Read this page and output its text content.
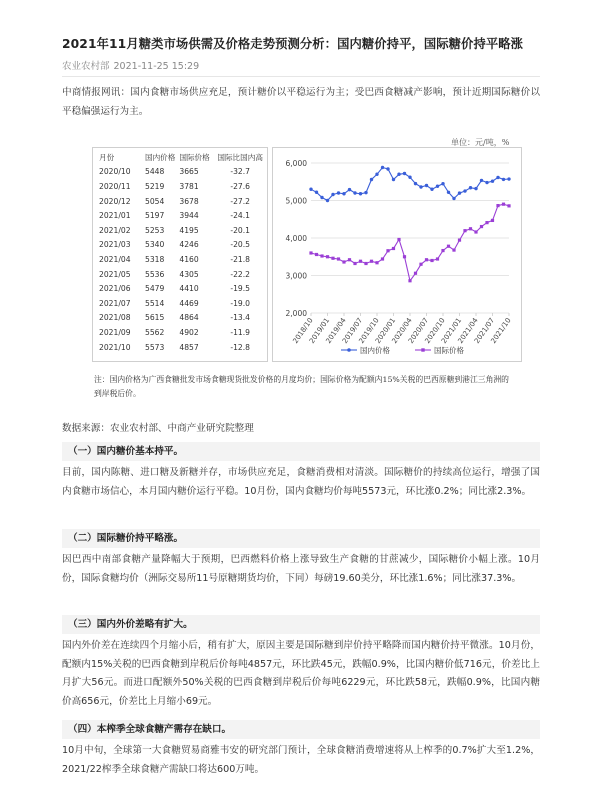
2021年11月糖类市场供需及价格走势预测分析：国内糖价持平，国际糖价持平略涨
农业农村部 2021-11-25 15:29
中商情报网讯：国内食糖市场供应充足，预计糖价以平稳运行为主；受巴西食糖减产影响，预计近期国际糖价以平稳偏强运行为主。
单位：元/吨，%
月份	国内价格	国际价格	国际比国内高
2020/10	5448	3665	-32.7
2020/11	5219	3781	-27.6
2020/12	5054	3678	-27.2
2021/01	5197	3944	-24.1
2021/02	5253	4195	-20.1
2021/03	5340	4246	-20.5
2021/04	5318	4160	-21.8
2021/05	5536	4305	-22.2
2021/06	5479	4410	-19.5
2021/07	5514	4469	-19.0
2021/08	5615	4864	-13.4
2021/09	5562	4902	-11.9
2021/10	5573	4857	-12.8
2,000
3,000
4,000
5,000
6,000
2018/10
2019/01
2019/04
2019/07
2019/10
2020/01
2020/04
2020/07
2020/10
2021/01
2021/04
2021/07
2021/10
国内价格	国际价格
注：国内价格为广西食糖批发市场食糖现货批发价格的月度均价；国际价格为配额内15%关税的巴西原糖到港江三角洲的到岸税后价。
数据来源：农业农村部、中商产业研究院整理
（一）国内糖价基本持平。
目前，国内陈糖、进口糖及新糖并存，市场供应充足，食糖消费相对清淡。国际糖价的持续高位运行，增强了国内食糖市场信心，本月国内糖价运行平稳。10月份，国内食糖均价每吨5573元，环比涨0.2%；同比涨2.3%。
（二）国际糖价持平略涨。
因巴西中南部食糖产量降幅大于预期，巴西燃料价格上涨导致生产食糖的甘蔗减少，国际糖价小幅上涨。10月份，国际食糖均价（洲际交易所11号原糖期货均价，下同）每磅19.60美分，环比涨1.6%；同比涨37.3%。
（三）国内外价差略有扩大。
国内外价差在连续四个月缩小后，稍有扩大，原因主要是国际糖到岸价持平略降而国内糖价持平微涨。10月份，配额内15%关税的巴西食糖到岸税后价每吨4857元，环比跌45元，跌幅0.9%，比国内糖价低716元，价差比上月扩大56元。而进口配额外50%关税的巴西食糖到岸税后价每吨6229元，环比跌58元，跌幅0.9%，比国内糖价高656元，价差比上月缩小69元。
（四）本榨季全球食糖产需存在缺口。
10月中旬，全球第一大食糖贸易商雅韦安的研究部门预计，全球食糖消费增速将从上榨季的0.7%扩大至1.2%，2021/22榨季全球食糖产需缺口将达600万吨。
